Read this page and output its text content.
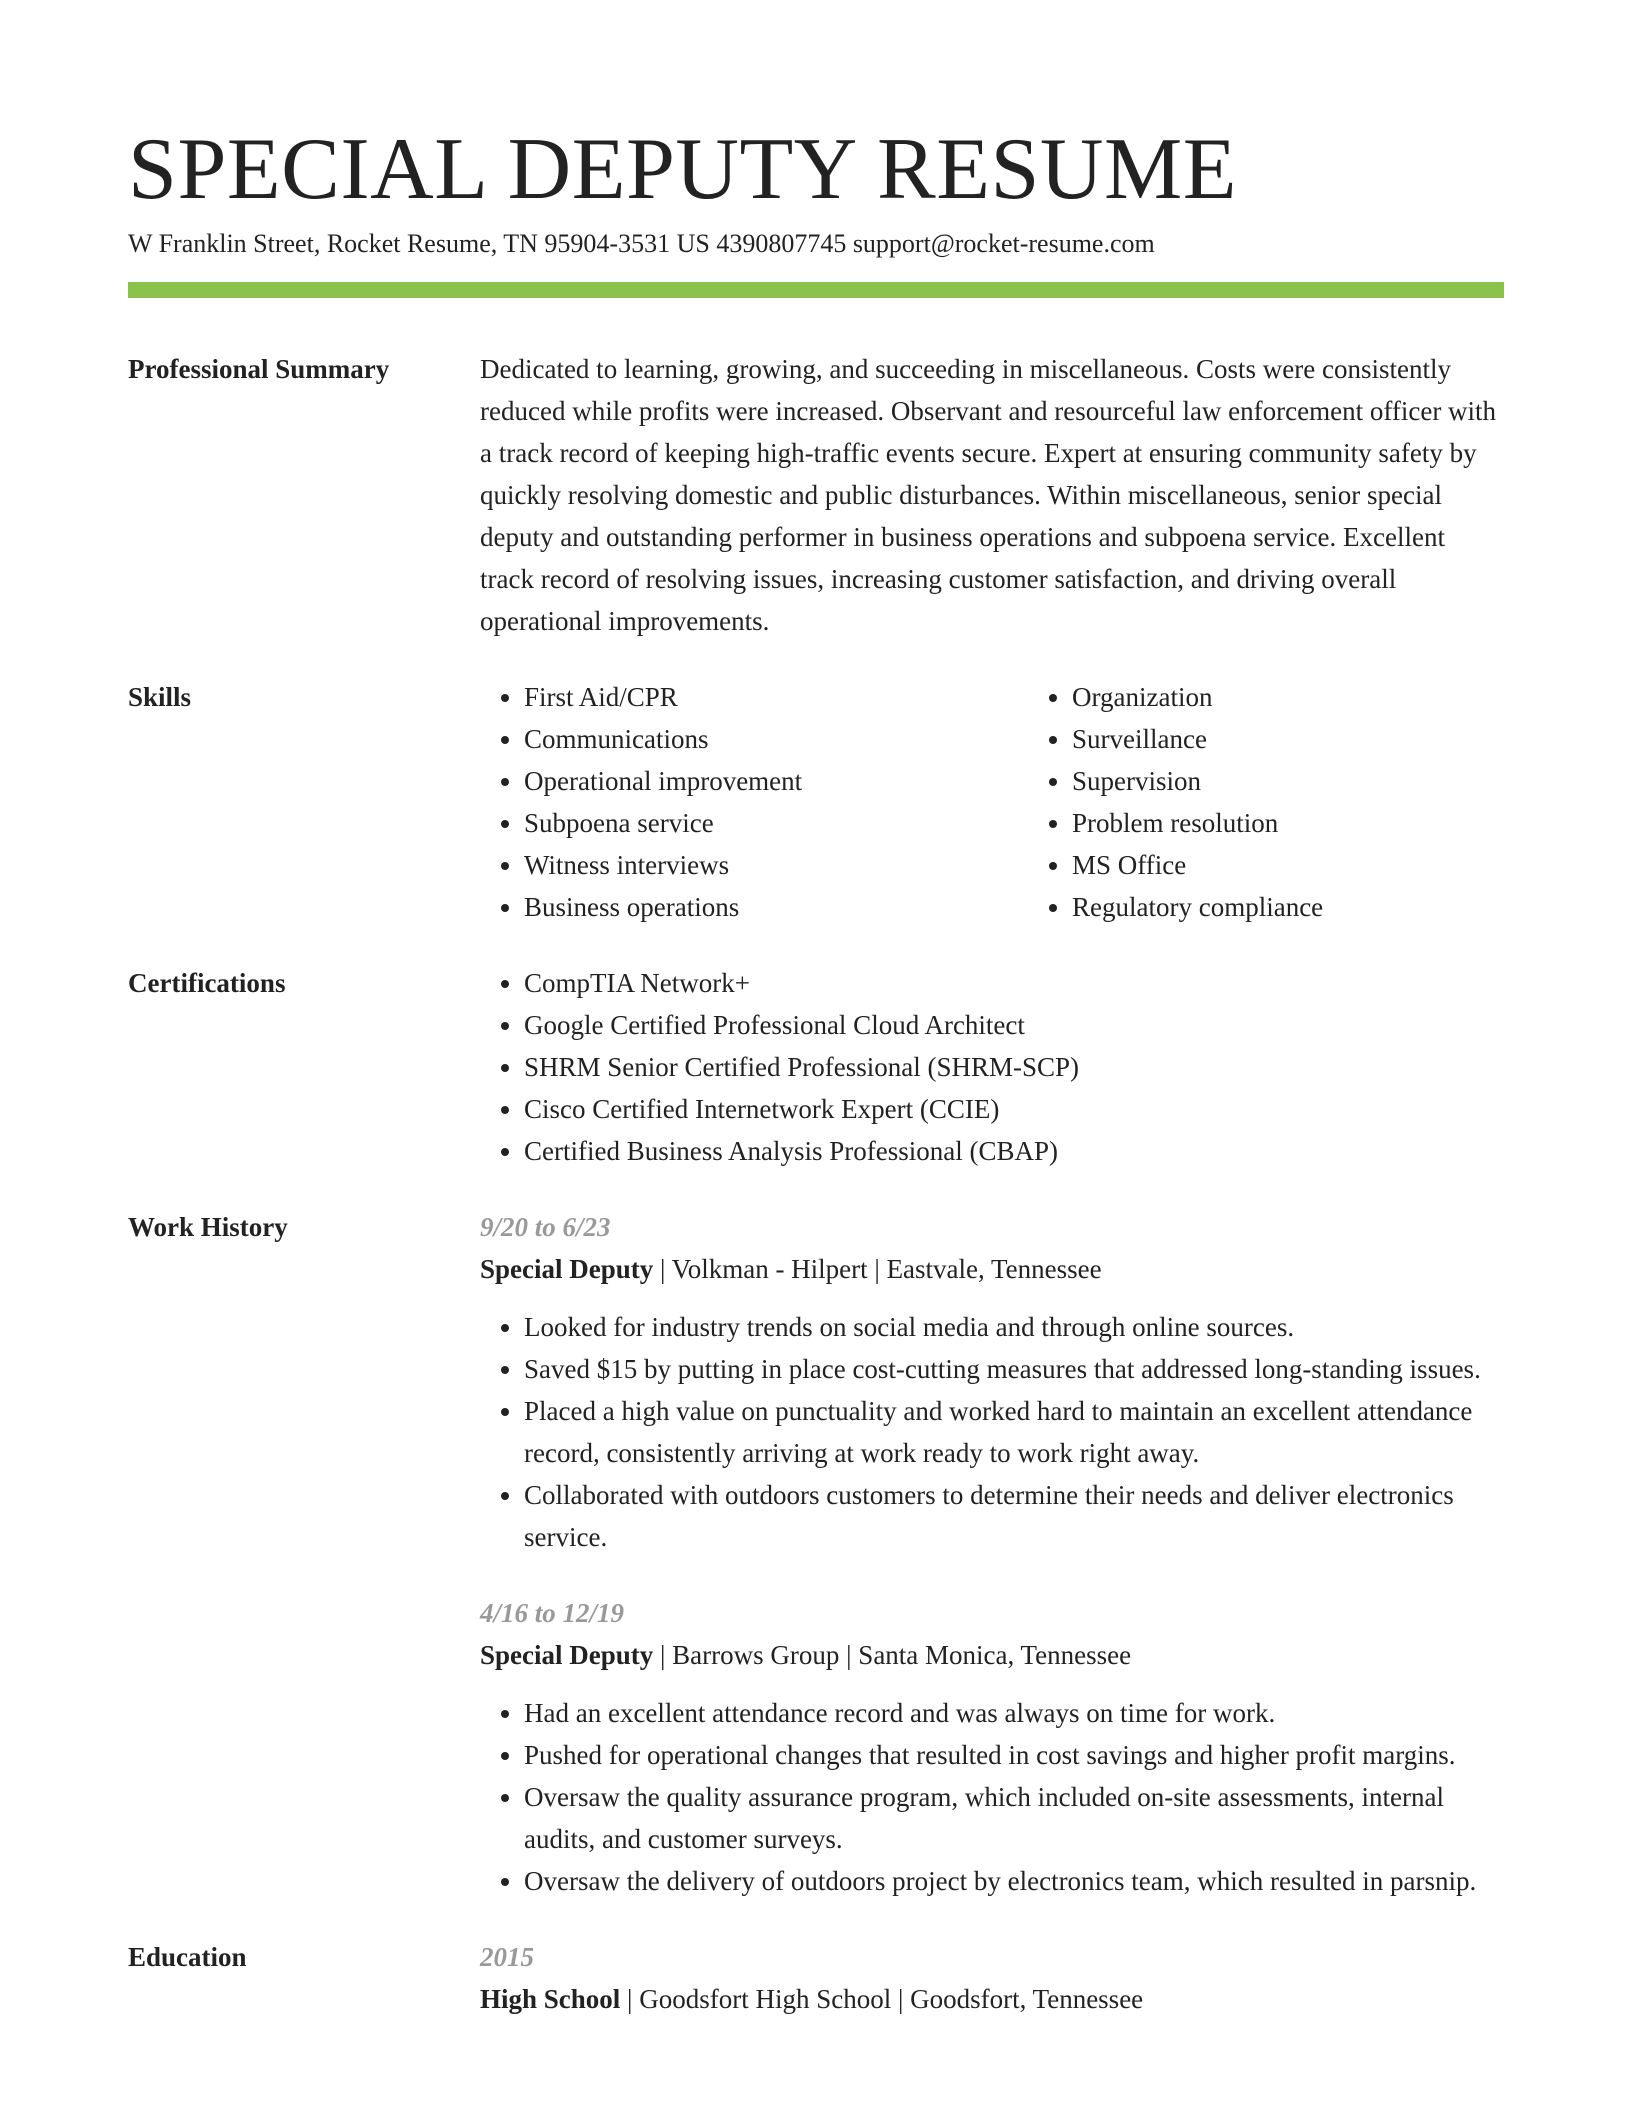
SPECIAL DEPUTY RESUME
W Franklin Street, Rocket Resume, TN 95904-3531 US 4390807745 support@rocket-resume.com
Professional Summary	Dedicated to learning, growing, and succeeding in miscellaneous. Costs were consistently reduced while profits were increased. Observant and resourceful law enforcement officer with a track record of keeping high-traffic events secure. Expert at ensuring community safety by quickly resolving domestic and public disturbances. Within miscellaneous, senior special deputy and outstanding performer in business operations and subpoena service. Excellent track record of resolving issues, increasing customer satisfaction, and driving overall operational improvements.

Skills	• First Aid/CPR
• Communications
• Operational improvement
• Subpoena service
• Witness interviews
• Business operations
• Organization
• Surveillance
• Supervision
• Problem resolution
• MS Office
• Regulatory compliance
Certifications	• CompTIA Network+
• Google Certified Professional Cloud Architect
• SHRM Senior Certified Professional (SHRM-SCP)
• Cisco Certified Internetwork Expert (CCIE)
• Certified Business Analysis Professional (CBAP)
Work History	9/20 to 6/23
Special Deputy | Volkman - Hilpert | Eastvale, Tennessee
• Looked for industry trends on social media and through online sources.
• Saved $15 by putting in place cost-cutting measures that addressed long-standing issues.
• Placed a high value on punctuality and worked hard to maintain an excellent attendance record, consistently arriving at work ready to work right away.
• Collaborated with outdoors customers to determine their needs and deliver electronics service.
4/16 to 12/19
Special Deputy | Barrows Group | Santa Monica, Tennessee
• Had an excellent attendance record and was always on time for work.
• Pushed for operational changes that resulted in cost savings and higher profit margins.
• Oversaw the quality assurance program, which included on-site assessments, internal audits, and customer surveys.
• Oversaw the delivery of outdoors project by electronics team, which resulted in parsnip.
Education	2015
High School | Goodsfort High School | Goodsfort, Tennessee
